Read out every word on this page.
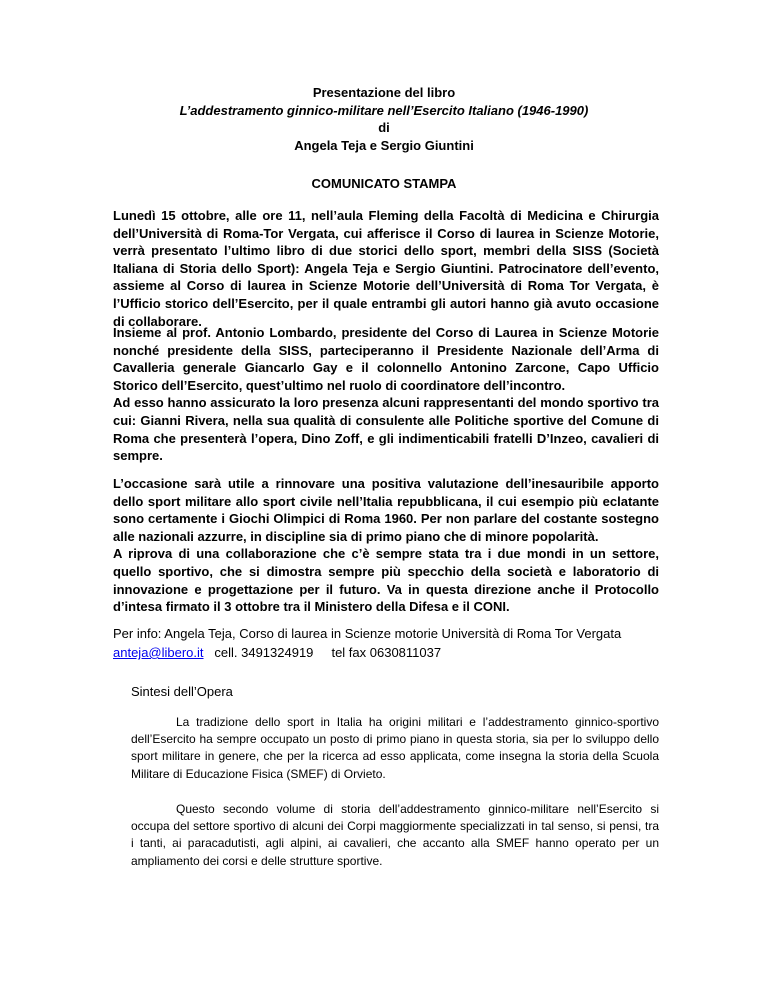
Presentazione del libro
L’addestramento ginnico-militare nell’Esercito Italiano (1946-1990)
di
Angela Teja e Sergio Giuntini
COMUNICATO STAMPA

Lunedì 15 ottobre, alle ore 11, nell’aula Fleming della Facoltà di Medicina e Chirurgia dell’Università di Roma-Tor Vergata, cui afferisce il Corso di laurea in Scienze Motorie, verrà presentato l’ultimo libro di due storici dello sport, membri della SISS (Società Italiana di Storia dello Sport): Angela Teja e Sergio Giuntini. Patrocinatore dell’evento, assieme al Corso di laurea in Scienze Motorie dell’Università di Roma Tor Vergata, è l’Ufficio storico dell’Esercito, per il quale entrambi gli autori hanno già avuto occasione di collaborare.

Insieme al prof. Antonio Lombardo, presidente del Corso di Laurea in Scienze Motorie nonché presidente della SISS, parteciperanno il Presidente Nazionale dell’Arma di Cavalleria generale Giancarlo Gay e il colonnello Antonino Zarcone, Capo Ufficio Storico dell’Esercito, quest’ultimo nel ruolo di coordinatore dell’incontro.

Ad esso hanno assicurato la loro presenza alcuni rappresentanti del mondo sportivo tra cui: Gianni Rivera, nella sua qualità di consulente alle Politiche sportive del Comune di Roma che presenterà l’opera, Dino Zoff, e gli indimenticabili fratelli D’Inzeo, cavalieri di sempre.

L’occasione sarà utile a rinnovare una positiva valutazione dell’inesauribile apporto dello sport militare allo sport civile nell’Italia repubblicana, il cui esempio più eclatante sono certamente i Giochi Olimpici di Roma 1960. Per non parlare del costante sostegno alle nazionali azzurre, in discipline sia di primo piano che di minore popolarità.

A riprova di una collaborazione che c’è sempre stata tra i due mondi in un settore, quello sportivo, che si dimostra sempre più specchio della società e laboratorio di innovazione e progettazione per il futuro. Va in questa direzione anche il Protocollo d’intesa firmato il 3 ottobre tra il Ministero della Difesa e il CONI.

Per info: Angela Teja, Corso di laurea in Scienze motorie Università di Roma Tor Vergata
anteja@libero.it cell. 3491324919 tel fax 0630811037
Sintesi dell’Opera

La tradizione dello sport in Italia ha origini militari e l’addestramento ginnico-sportivo dell’Esercito ha sempre occupato un posto di primo piano in questa storia, sia per lo sviluppo dello sport militare in genere, che per la ricerca ad esso applicata, come insegna la storia della Scuola Militare di Educazione Fisica (SMEF) di Orvieto.

Questo secondo volume di storia dell’addestramento ginnico-militare nell’Esercito si occupa del settore sportivo di alcuni dei Corpi maggiormente specializzati in tal senso, si pensi, tra i tanti, ai paracadutisti, agli alpini, ai cavalieri, che accanto alla SMEF hanno operato per un ampliamento dei corsi e delle strutture sportive.
